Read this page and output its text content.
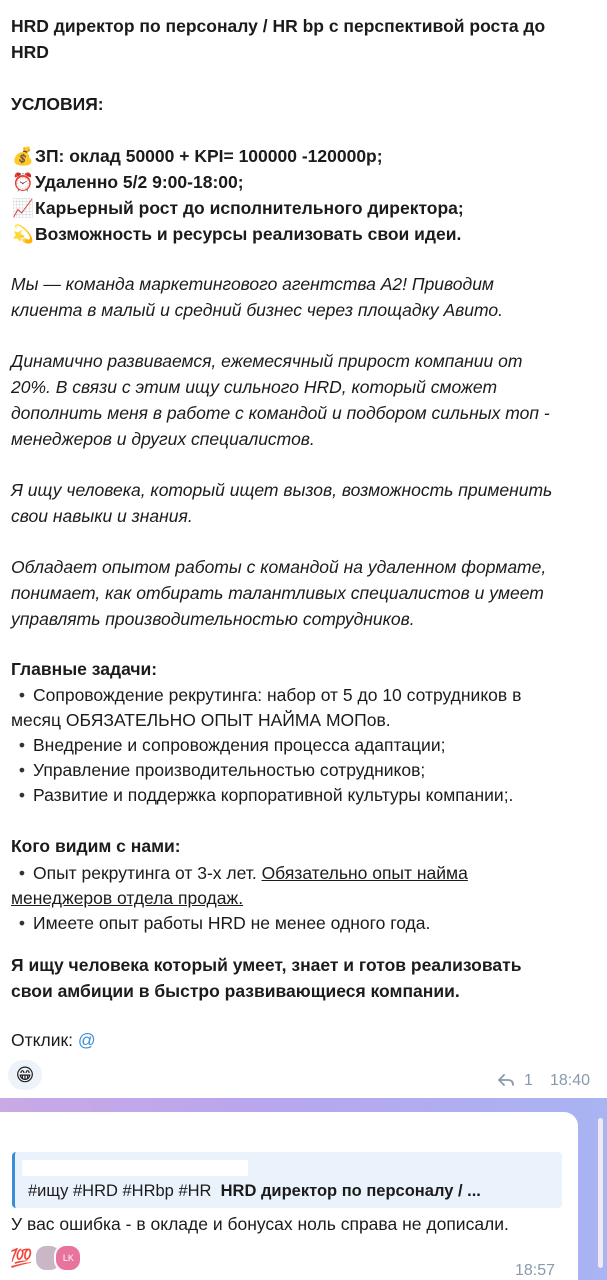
HRD директор по персоналу / HR bp с перспективой роста до
HRD
УСЛОВИЯ:
💰ЗП: оклад 50000 + KPI= 100000 -120000р;
⏰Удаленно 5/2 9:00-18:00;
📈Карьерный рост до исполнительного директора;
💫Возможность и ресурсы реализовать свои идеи.
Мы — команда маркетингового агентства А2! Приводим
клиента в малый и средний бизнес через площадку Авито.
Динамично развиваемся, ежемесячный прирост компании от
20%. В связи с этим ищу сильного HRD, который сможет
дополнить меня в работе с командой и подбором сильных топ -
менеджеров и других специалистов.
Я ищу человека, который ищет вызов, возможность применить
свои навыки и знания.
Обладает опытом работы с командой на удаленном формате,
понимает, как отбирать талантливых специалистов и умеет
управлять производительностью сотрудников.
Главные задачи:
• Сопровождение рекрутинга: набор от 5 до 10 сотрудников в
месяц ОБЯЗАТЕЛЬНО ОПЫТ НАЙМА МОПов.
• Внедрение и сопровождения процесса адаптации;
• Управление производительностью сотрудников;
• Развитие и поддержка корпоративной культуры компании;.
Кого видим с нами:
• Опыт рекрутинга от 3-х лет. Обязательно опыт найма
менеджеров отдела продаж.
• Имеете опыт работы HRD не менее одного года.
Я ищу человека который умеет, знает и готов реализовать
свои амбиции в быстро развивающиеся компании.
Отклик: @
😁	1 18:40
#ищу #HRD #HRbp #HR HRD директор по персоналу / ...
У вас ошибка - в окладе и бонусах ноль справа не дописали.
💯	LK
18:57
